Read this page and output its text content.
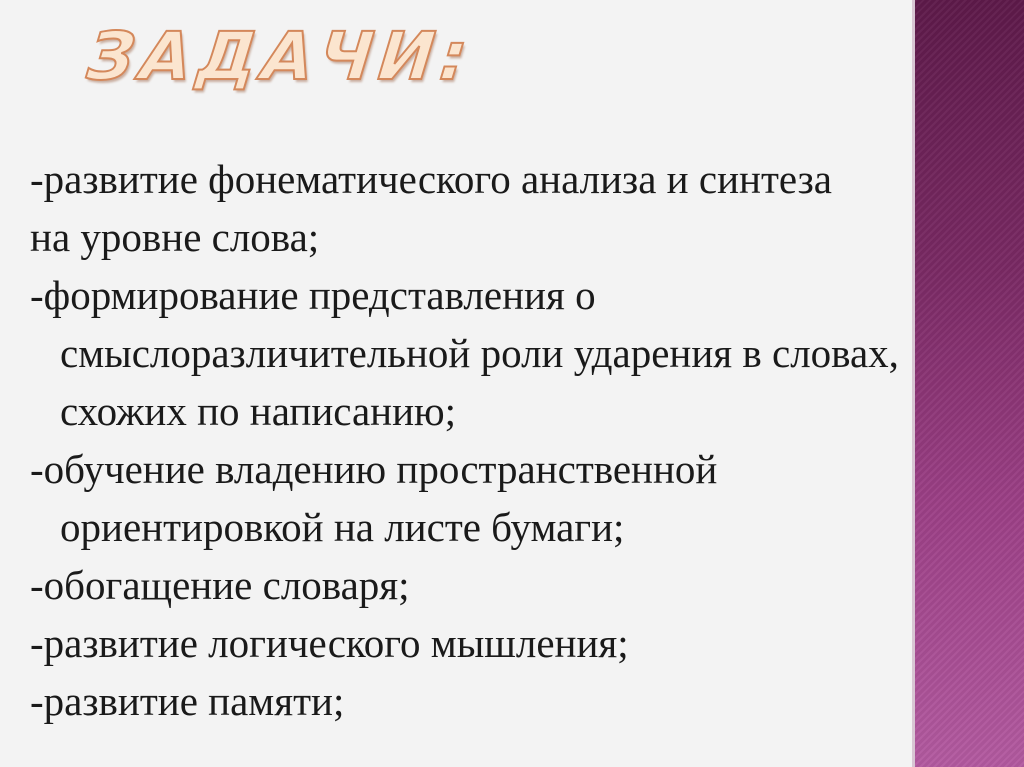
ЗАДАЧИ:
-развитие фонематического анализа и синтеза
на уровне слова;
-формирование представления о
смыслоразличительной роли ударения в словах,
схожих по написанию;
-обучение владению пространственной
ориентировкой на листе бумаги;
-обогащение словаря;
-развитие логического мышления;
-развитие памяти;
